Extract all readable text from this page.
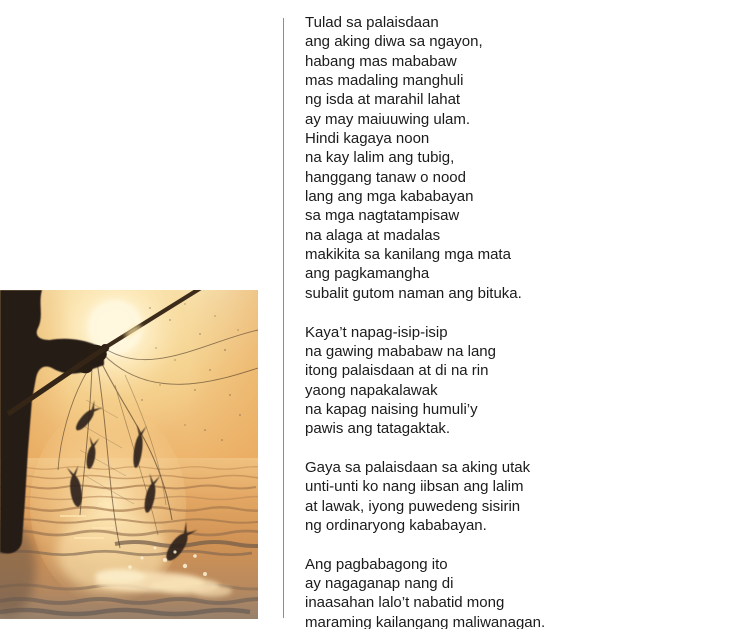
Tulad sa palaisdaan
ang aking diwa sa ngayon,
habang mas mababaw
mas madaling manghuli
ng isda at marahil lahat
ay may maiuuwing ulam.
Hindi kagaya noon
na kay lalim ang tubig,
hanggang tanaw o nood
lang ang mga kababayan
sa mga nagtatampisaw
na alaga at madalas
makikita sa kanilang mga mata
ang pagkamangha
subalit gutom naman ang bituka.
Kaya’t napag-isip-isip
na gawing mababaw na lang
itong palaisdaan at di na rin
yaong napakalawak
na kapag naising humuli’y
pawis ang tatagaktak.
Gaya sa palaisdaan sa aking utak
unti-unti ko nang iibsan ang lalim
at lawak, iyong puwedeng sisirin
ng ordinaryong kababayan.
Ang pagbabagong ito
ay nagaganap nang di
inaasahan lalo’t nabatid mong
maraming kailangang maliwanagan.
